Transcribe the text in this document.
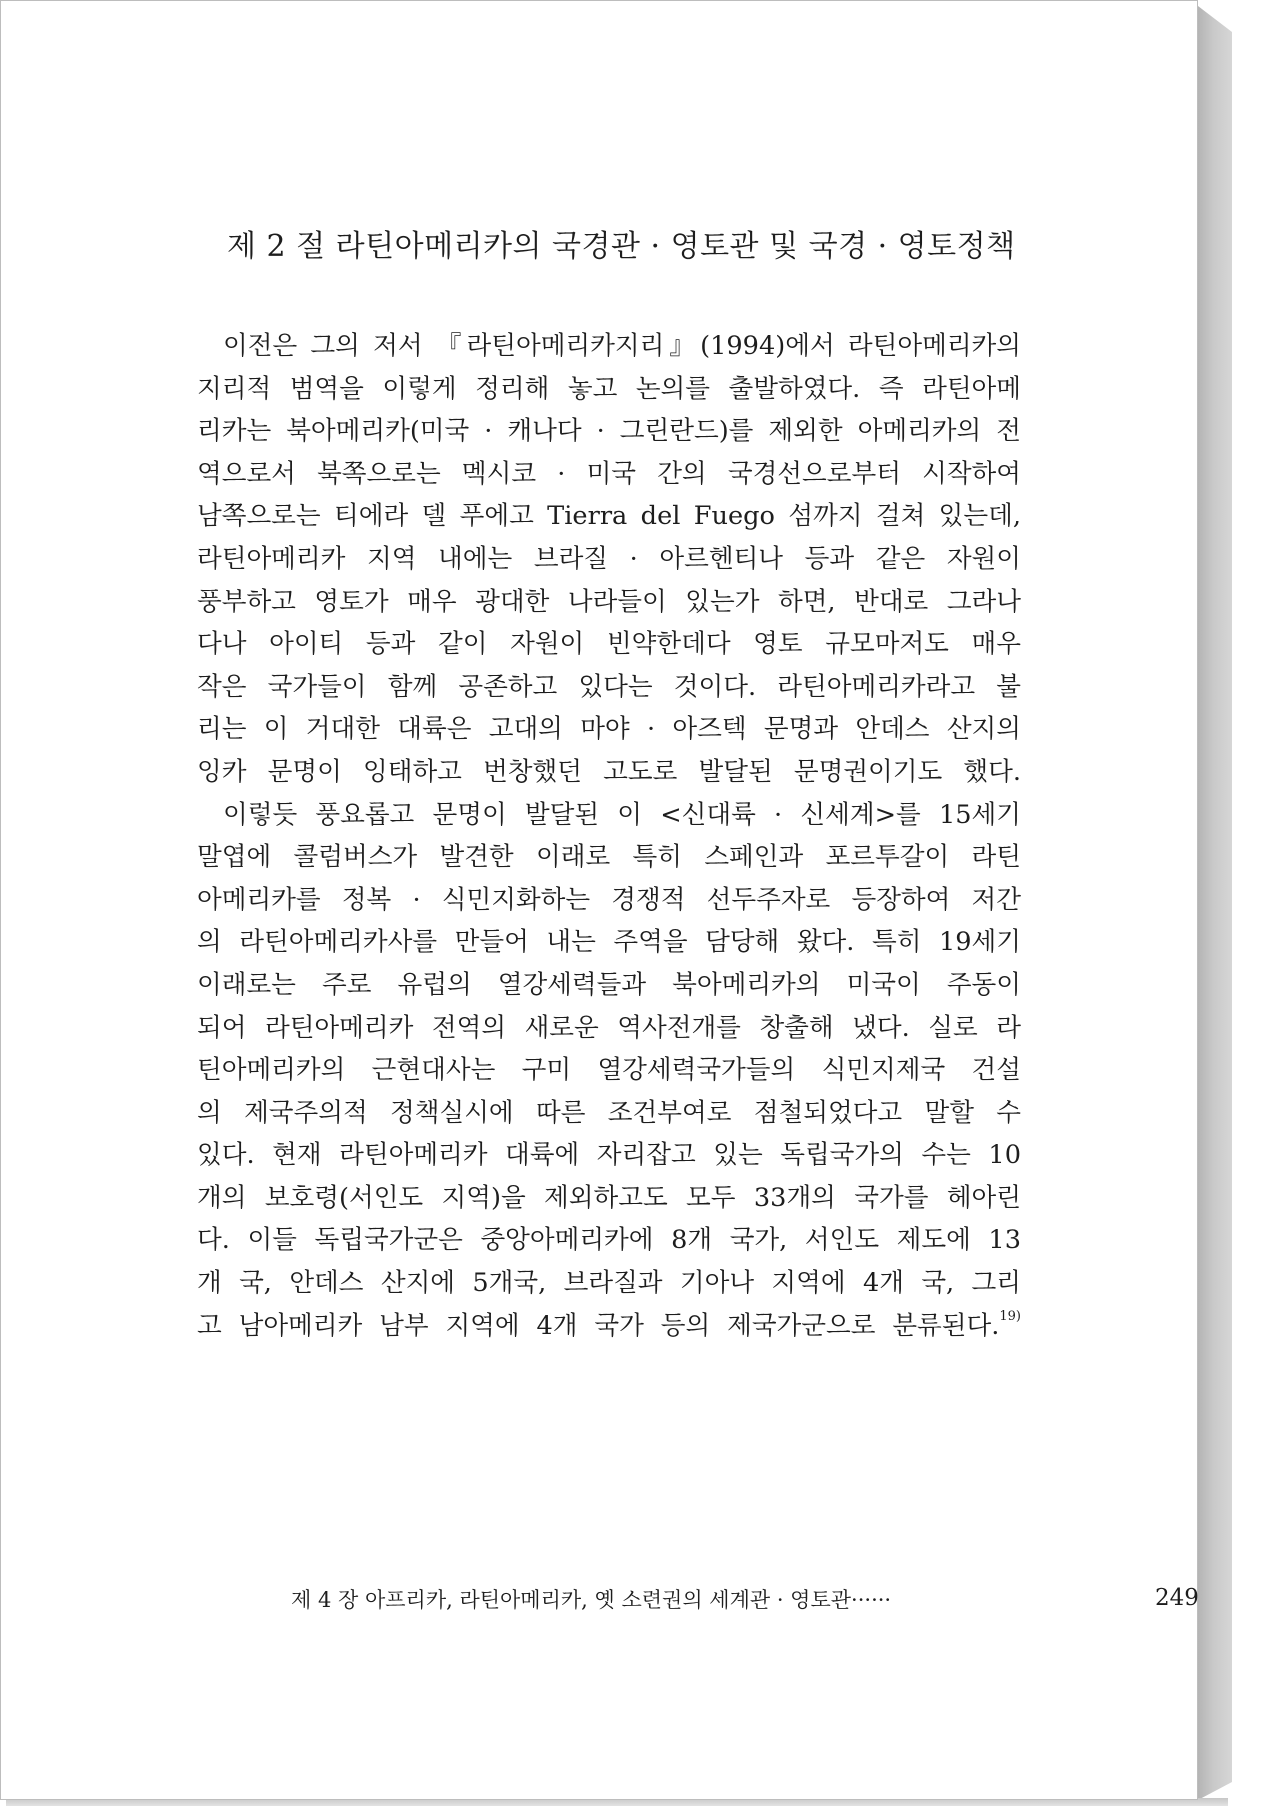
제 2 절 라틴아메리카의 국경관 · 영토관 및 국경 · 영토정책
이전은 그의 저서 『라틴아메리카지리』(1994)에서 라틴아메리카의
지리적 범역을 이렇게 정리해 놓고 논의를 출발하였다. 즉 라틴아메
리카는 북아메리카(미국 · 캐나다 · 그린란드)를 제외한 아메리카의 전
역으로서 북쪽으로는 멕시코 · 미국 간의 국경선으로부터 시작하여
남쪽으로는 티에라 델 푸에고 Tierra del Fuego 섬까지 걸쳐 있는데,
라틴아메리카 지역 내에는 브라질 · 아르헨티나 등과 같은 자원이
풍부하고 영토가 매우 광대한 나라들이 있는가 하면, 반대로 그라나
다나 아이티 등과 같이 자원이 빈약한데다 영토 규모마저도 매우
작은 국가들이 함께 공존하고 있다는 것이다. 라틴아메리카라고 불
리는 이 거대한 대륙은 고대의 마야 · 아즈텍 문명과 안데스 산지의
잉카 문명이 잉태하고 번창했던 고도로 발달된 문명권이기도 했다.
이렇듯 풍요롭고 문명이 발달된 이 <신대륙 · 신세계>를 15세기
말엽에 콜럼버스가 발견한 이래로 특히 스페인과 포르투갈이 라틴
아메리카를 정복 · 식민지화하는 경쟁적 선두주자로 등장하여 저간
의 라틴아메리카사를 만들어 내는 주역을 담당해 왔다. 특히 19세기
이래로는 주로 유럽의 열강세력들과 북아메리카의 미국이 주동이
되어 라틴아메리카 전역의 새로운 역사전개를 창출해 냈다. 실로 라
틴아메리카의 근현대사는 구미 열강세력국가들의 식민지제국 건설
의 제국주의적 정책실시에 따른 조건부여로 점철되었다고 말할 수
있다. 현재 라틴아메리카 대륙에 자리잡고 있는 독립국가의 수는 10
개의 보호령(서인도 지역)을 제외하고도 모두 33개의 국가를 헤아린
다. 이들 독립국가군은 중앙아메리카에 8개 국가, 서인도 제도에 13
개 국, 안데스 산지에 5개국, 브라질과 기아나 지역에 4개 국, 그리
고 남아메리카 남부 지역에 4개 국가 등의 제국가군으로 분류된다.$^{19)}$
제 4 장 아프리카, 라틴아메리카, 옛 소련권의 세계관 · 영토관······	249
